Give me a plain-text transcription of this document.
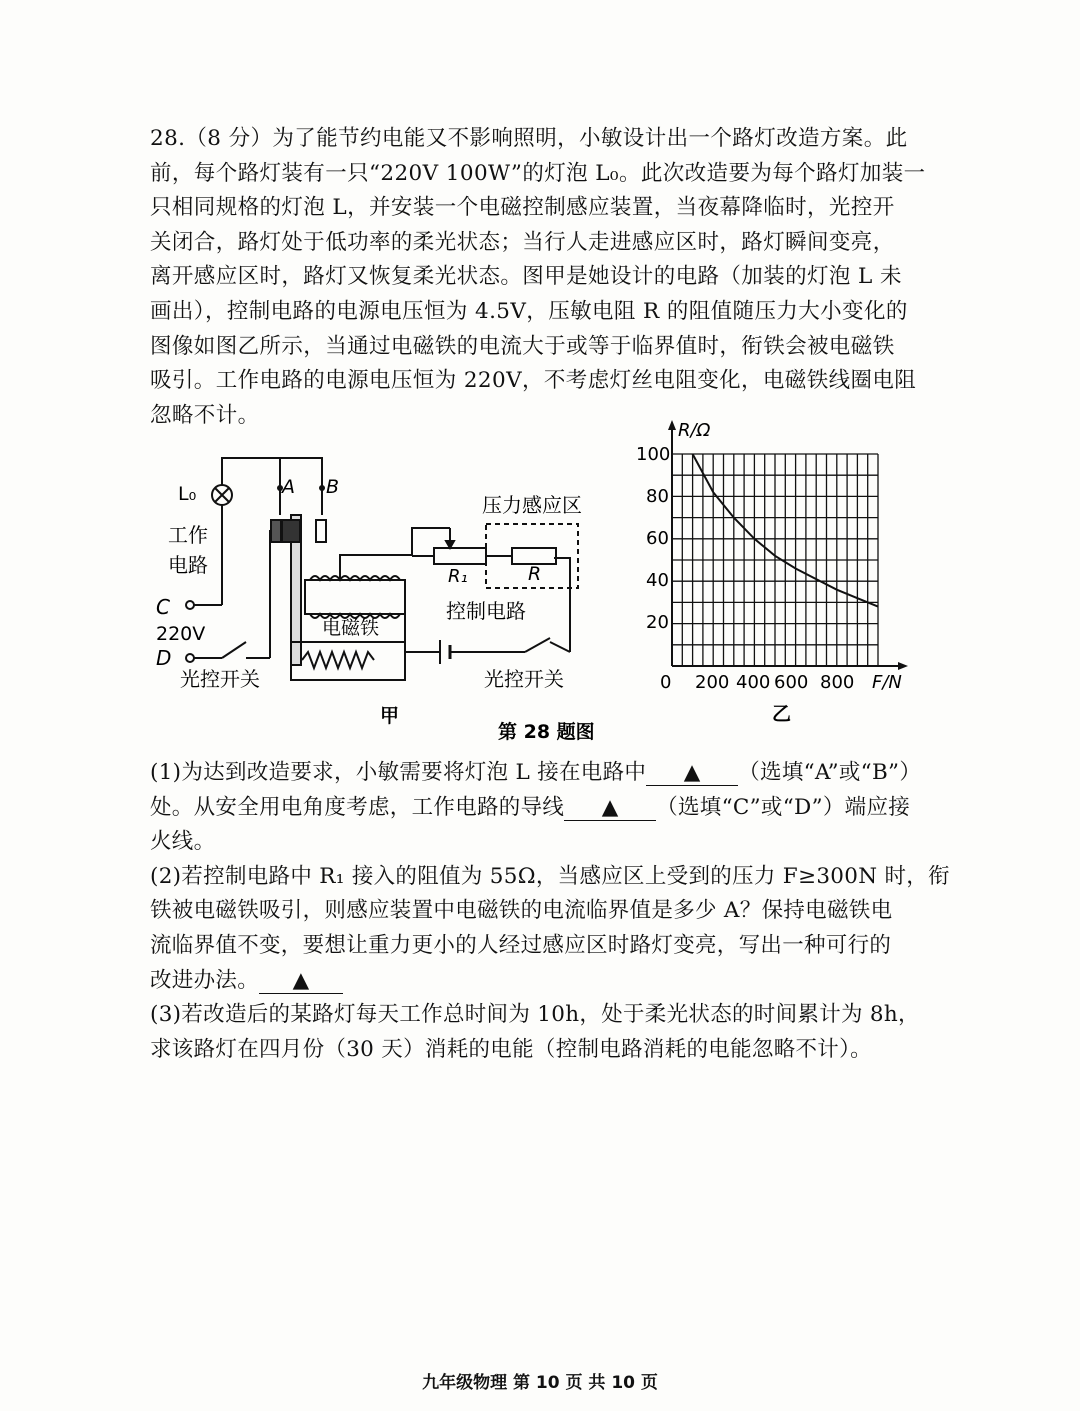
28.（8 分）为了能节约电能又不影响照明，小敏设计出一个路灯改造方案。此
前，每个路灯装有一只“220V 100W”的灯泡 L₀。此次改造要为每个路灯加装一
只相同规格的灯泡 L，并安装一个电磁控制感应装置，当夜幕降临时，光控开
关闭合，路灯处于低功率的柔光状态；当行人走进感应区时，路灯瞬间变亮，
离开感应区时，路灯又恢复柔光状态。图甲是她设计的电路（加装的灯泡 L 未
画出），控制电路的电源电压恒为 4.5V，压敏电阻 R 的阻值随压力大小变化的
图像如图乙所示，当通过电磁铁的电流大于或等于临界值时，衔铁会被电磁铁
吸引。工作电路的电源电压恒为 220V，不考虑灯丝电阻变化，电磁铁线圈电阻
忽略不计。
L₀	A B
工作
电路
C
220V
D
光控开关
电磁铁
压力感应区
R₁	R
控制电路
光控开关
甲
第 28 题图
R/Ω
F/N
0 200 400 600 800
100
80
60
40
20
乙
(1)为达到改造要求，小敏需要将灯泡 L 接在电路中 ▲ （选填“A”或“B”）
处。从安全用电角度考虑，工作电路的导线 ▲ （选填“C”或“D”）端应接
火线。
(2)若控制电路中 R₁ 接入的阻值为 55Ω，当感应区上受到的压力 F≥300N 时，衔
铁被电磁铁吸引，则感应装置中电磁铁的电流临界值是多少 A？保持电磁铁电
流临界值不变，要想让重力更小的人经过感应区时路灯变亮，写出一种可行的
改进办法。 ▲
(3)若改造后的某路灯每天工作总时间为 10h，处于柔光状态的时间累计为 8h，
求该路灯在四月份（30 天）消耗的电能（控制电路消耗的电能忽略不计）。
九年级物理 第 10 页 共 10 页
